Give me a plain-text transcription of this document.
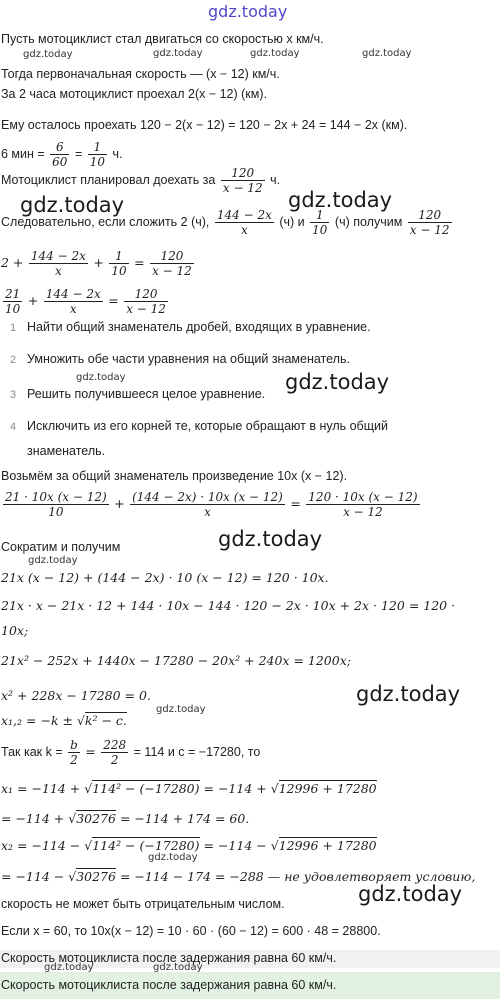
gdz.today
gdz.today	gdz.today	gdz.today	gdz.today
gdz.today	gdz.today
gdz.today	gdz.today
gdz.today
gdz.today
gdz.today
gdz.today
gdz.today
gdz.today
gdz.today	gdz.today
Пусть мотоциклист стал двигаться со скоростью x км/ч.
Тогда первоначальная скорость — (x − 12) км/ч.
За 2 часа мотоциклист проехал 2(x − 12) (км).
Ему осталось проехать 120 − 2(x − 12) = 120 − 2x + 24 = 144 − 2x (км).
6 мин = $\frac{6}{60} = \frac{1}{10} ч$.
Мотоциклист планировал доехать за $\frac{120}{x - 12} ч$.
Следовательно, если сложить 2 (ч), $\frac{144 - 2x}{x} (ч)$ и $\frac{1}{10} (ч)$ получим $\frac{120}{x - 12}$
$2 + \frac{144 - 2x}{x} + \frac{1}{10} = \frac{120}{x - 12}$
$\frac{21}{10} + \frac{144 - 2x}{x} = \frac{120}{x - 12}$
1 Найти общий знаменатель дробей, входящих в уравнение.
2 Умножить обе части уравнения на общий знаменатель.
3 Решить получившееся целое уравнение.
4 Исключить из его корней те, которые обращают в нуль общий
знаменатель.
Возьмём за общий знаменатель произведение 10x (x − 12).
$\frac{21 \cdot 10x (x - 12)}{10} + \frac{(144 - 2x) \cdot 10x (x - 12)}{x} = \frac{120 \cdot 10x (x - 12)}{x - 12}$
Сократим и получим
21x (x − 12) + (144 − 2x) · 10 (x − 12) = 120 · 10x.
21x · x − 21x · 12 + 144 · 10x − 144 · 120 − 2x · 10x + 2x · 120 = 120 ·
10x;
21x² − 252x + 1440x − 17280 − 20x² + 240x = 1200x;
x² + 228x − 17280 = 0.
x₁,₂ = −k ± √k² − c.
Так как $k = \frac{b}{2} = \frac{228}{2} = 114$ и c = −17280, то
x₁ = −114 + √114² − (−17280) = −114 + √12996 + 17280
= −114 + √30276 = −114 + 174 = 60.
x₂ = −114 − √114² − (−17280) = −114 − √12996 + 17280
= −114 − √30276 = −114 − 174 = −288 — не удовлетворяет условию,
скорость не может быть отрицательным числом.
Если x = 60, то 10x(x − 12) = 10 · 60 · (60 − 12) = 600 · 48 = 28800.
Скорость мотоциклиста после задержания равна 60 км/ч.
Скорость мотоциклиста после задержания равна 60 км/ч.
